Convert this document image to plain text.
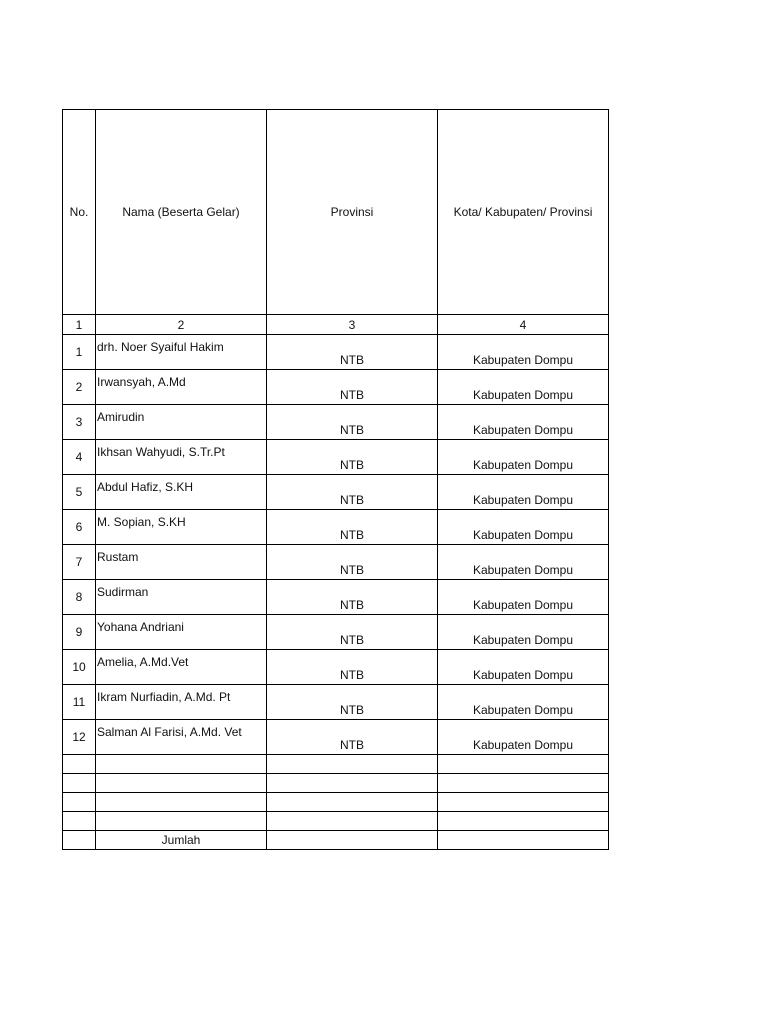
No.	Nama (Beserta Gelar)	Provinsi	Kota/ Kabupaten/ Provinsi
1	2	3	4
1	drh. Noer Syaiful Hakim	NTB	Kabupaten Dompu
2	Irwansyah, A.Md	NTB	Kabupaten Dompu
3	Amirudin	NTB	Kabupaten Dompu
4	Ikhsan Wahyudi, S.Tr.Pt	NTB	Kabupaten Dompu
5	Abdul Hafiz, S.KH	NTB	Kabupaten Dompu
6	M. Sopian, S.KH	NTB	Kabupaten Dompu
7	Rustam	NTB	Kabupaten Dompu
8	Sudirman	NTB	Kabupaten Dompu
9	Yohana Andriani	NTB	Kabupaten Dompu
10	Amelia, A.Md.Vet	NTB	Kabupaten Dompu
11	Ikram Nurfiadin, A.Md. Pt	NTB	Kabupaten Dompu
12	Salman Al Farisi, A.Md. Vet	NTB	Kabupaten Dompu

	Jumlah		
